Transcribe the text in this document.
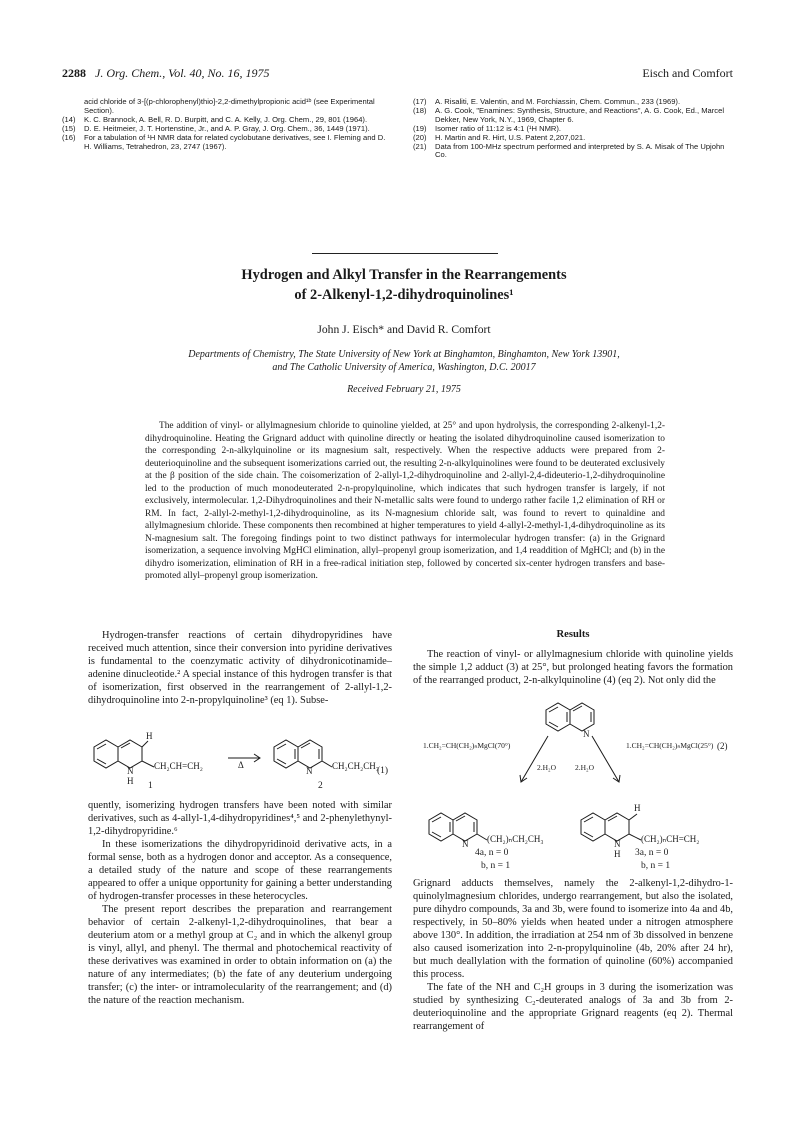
2288 J. Org. Chem., Vol. 40, No. 16, 1975	Eisch and Comfort
acid chloride of 3-[(p-chlorophenyl)thio]-2,2-dimethylpropionic acid¹ᵇ (see Experimental Section).
(14)	K. C. Brannock, A. Bell, R. D. Burpitt, and C. A. Kelly, J. Org. Chem., 29, 801 (1964).
(15)	D. E. Heitmeier, J. T. Hortenstine, Jr., and A. P. Gray, J. Org. Chem., 36, 1449 (1971).
(16)	For a tabulation of ¹H NMR data for related cyclobutane derivatives, see I. Fleming and D. H. Williams, Tetrahedron, 23, 2747 (1967).
(17)	A. Risaliti, E. Valentin, and M. Forchiassin, Chem. Commun., 233 (1969).
(18)	A. G. Cook, "Enamines: Synthesis, Structure, and Reactions", A. G. Cook, Ed., Marcel Dekker, New York, N.Y., 1969, Chapter 6.
(19)	Isomer ratio of 11:12 is 4:1 (¹H NMR).
(20)	H. Martin and R. Hirt, U.S. Patent 2,207,021.
(21)	Data from 100-MHz spectrum performed and interpreted by S. A. Misak of The Upjohn Co.
Hydrogen and Alkyl Transfer in the Rearrangements
of 2-Alkenyl-1,2-dihydroquinolines¹
John J. Eisch* and David R. Comfort
Departments of Chemistry, The State University of New York at Binghamton, Binghamton, New York 13901,
and The Catholic University of America, Washington, D.C. 20017
Received February 21, 1975
The addition of vinyl- or allylmagnesium chloride to quinoline yielded, at 25° and upon hydrolysis, the corresponding 2-alkenyl-1,2-dihydroquinoline. Heating the Grignard adduct with quinoline directly or heating the isolated dihydroquinoline caused isomerization to the corresponding 2-n-alkylquinoline or its magnesium salt, respectively. When the respective adducts were prepared from 2-deuterioquinoline and the subsequent isomerizations carried out, the resulting 2-n-alkylquinolines were found to be deuterated exclusively at the β position of the side chain. The coisomerization of 2-allyl-1,2-dihydroquinoline and 2-allyl-2,4-dideuterio-1,2-dihydroquinoline led to the production of much monodeuterated 2-n-propylquinoline, which indicates that such hydrogen transfer is largely, if not exclusively, intermolecular. 1,2-Dihydroquinolines and their N-metallic salts were found to undergo rather facile 1,2 elimination of RH or RM. In fact, 2-allyl-2-methyl-1,2-dihydroquinoline, as its N-magnesium chloride salt, was found to revert to quinaldine and allylmagnesium chloride. These components then recombined at higher temperatures to yield 4-allyl-2-methyl-1,4-dihydroquinoline as its N-magnesium salt. The foregoing findings point to two distinct pathways for intermolecular hydrogen transfer: (a) in the Grignard isomerization, a sequence involving MgHCl elimination, allyl–propenyl group isomerization, and 1,4 readdition of MgHCl; and (b) in the dihydro isomerization, elimination of RH in a free-radical initiation step, followed by concerted six-center hydrogen transfers and base-promoted allyl–propenyl group isomerization.

Hydrogen-transfer reactions of certain dihydropyridines have received much attention, since their conversion into pyridine derivatives is fundamental to the coenzymatic activity of dihydronicotinamide–adenine dinucleotide.² A special instance of this hydrogen transfer is that of isomerization, first observed in the rearrangement of 2-allyl-1,2-dihydroquinoline into 2-n-propylquinoline³ (eq 1). Subse-

H
N
H
CH₂CH=CH₂	Δ
N CH₂CH₂CH₃
1	2
(1)

quently, isomerizing hydrogen transfers have been noted with similar derivatives, such as 4-allyl-1,4-dihydropyridines⁴,⁵ and 2-phenylethynyl-1,2-dihydropyridine.⁶

In these isomerizations the dihydropyridinoid derivative acts, in a formal sense, both as a hydrogen donor and acceptor. As a consequence, a detailed study of the nature and scope of these rearrangements appeared to offer a unique opportunity for gaining a better understanding of hydrogen-transfer processes in these heterocycles.

The present report describes the preparation and rearrangement behavior of certain 2-alkenyl-1,2-dihydroquinolines, that bear a deuterium atom or a methyl group at C₂ and in which the alkenyl group is vinyl, allyl, and phenyl. The thermal and photochemical reactivity of these derivatives was examined in order to obtain information on (a) the nature of any intermediates; (b) the fate of any deuterium undergoing transfer; (c) the inter- or intramolecularity of the rearrangement; and (d) the nature of the reaction mechanism.

Results

The reaction of vinyl- or allylmagnesium chloride with quinoline yields the simple 1,2 adduct (3) at 25°, but prolonged heating favors the formation of the rearranged product, 2-n-alkylquinoline (4) (eq 2). Not only did the

1.CH₂=CH(CH₂)ₙMgCl(70°)	1.CH₂=CH(CH₂)ₙMgCl(25°)
2.H₂O	2.H₂O
(2)
N
N (CH₂)ₙCH₂CH₃
H
N
H
(CH₂)ₙCH=CH₂
4a, n = 0
b, n = 1
3a, n = 0
b, n = 1

Grignard adducts themselves, namely the 2-alkenyl-1,2-dihydro-1-quinolylmagnesium chlorides, undergo rearrangement, but also the isolated, pure dihydro compounds, 3a and 3b, were found to isomerize into 4a and 4b, respectively, in 50–80% yields when heated under a nitrogen atmosphere above 130°. In addition, the irradiation at 254 nm of 3b dissolved in benzene also caused isomerization into 2-n-propylquinoline (4b, 20% after 24 hr), but much deallylation with the formation of quinoline (60%) accompanied this process.

The fate of the NH and C₂H groups in 3 during the isomerization was studied by synthesizing C₂-deuterated analogs of 3a and 3b from 2-deuterioquinoline and the appropriate Grignard reagents (eq 2). Thermal rearrangement of
